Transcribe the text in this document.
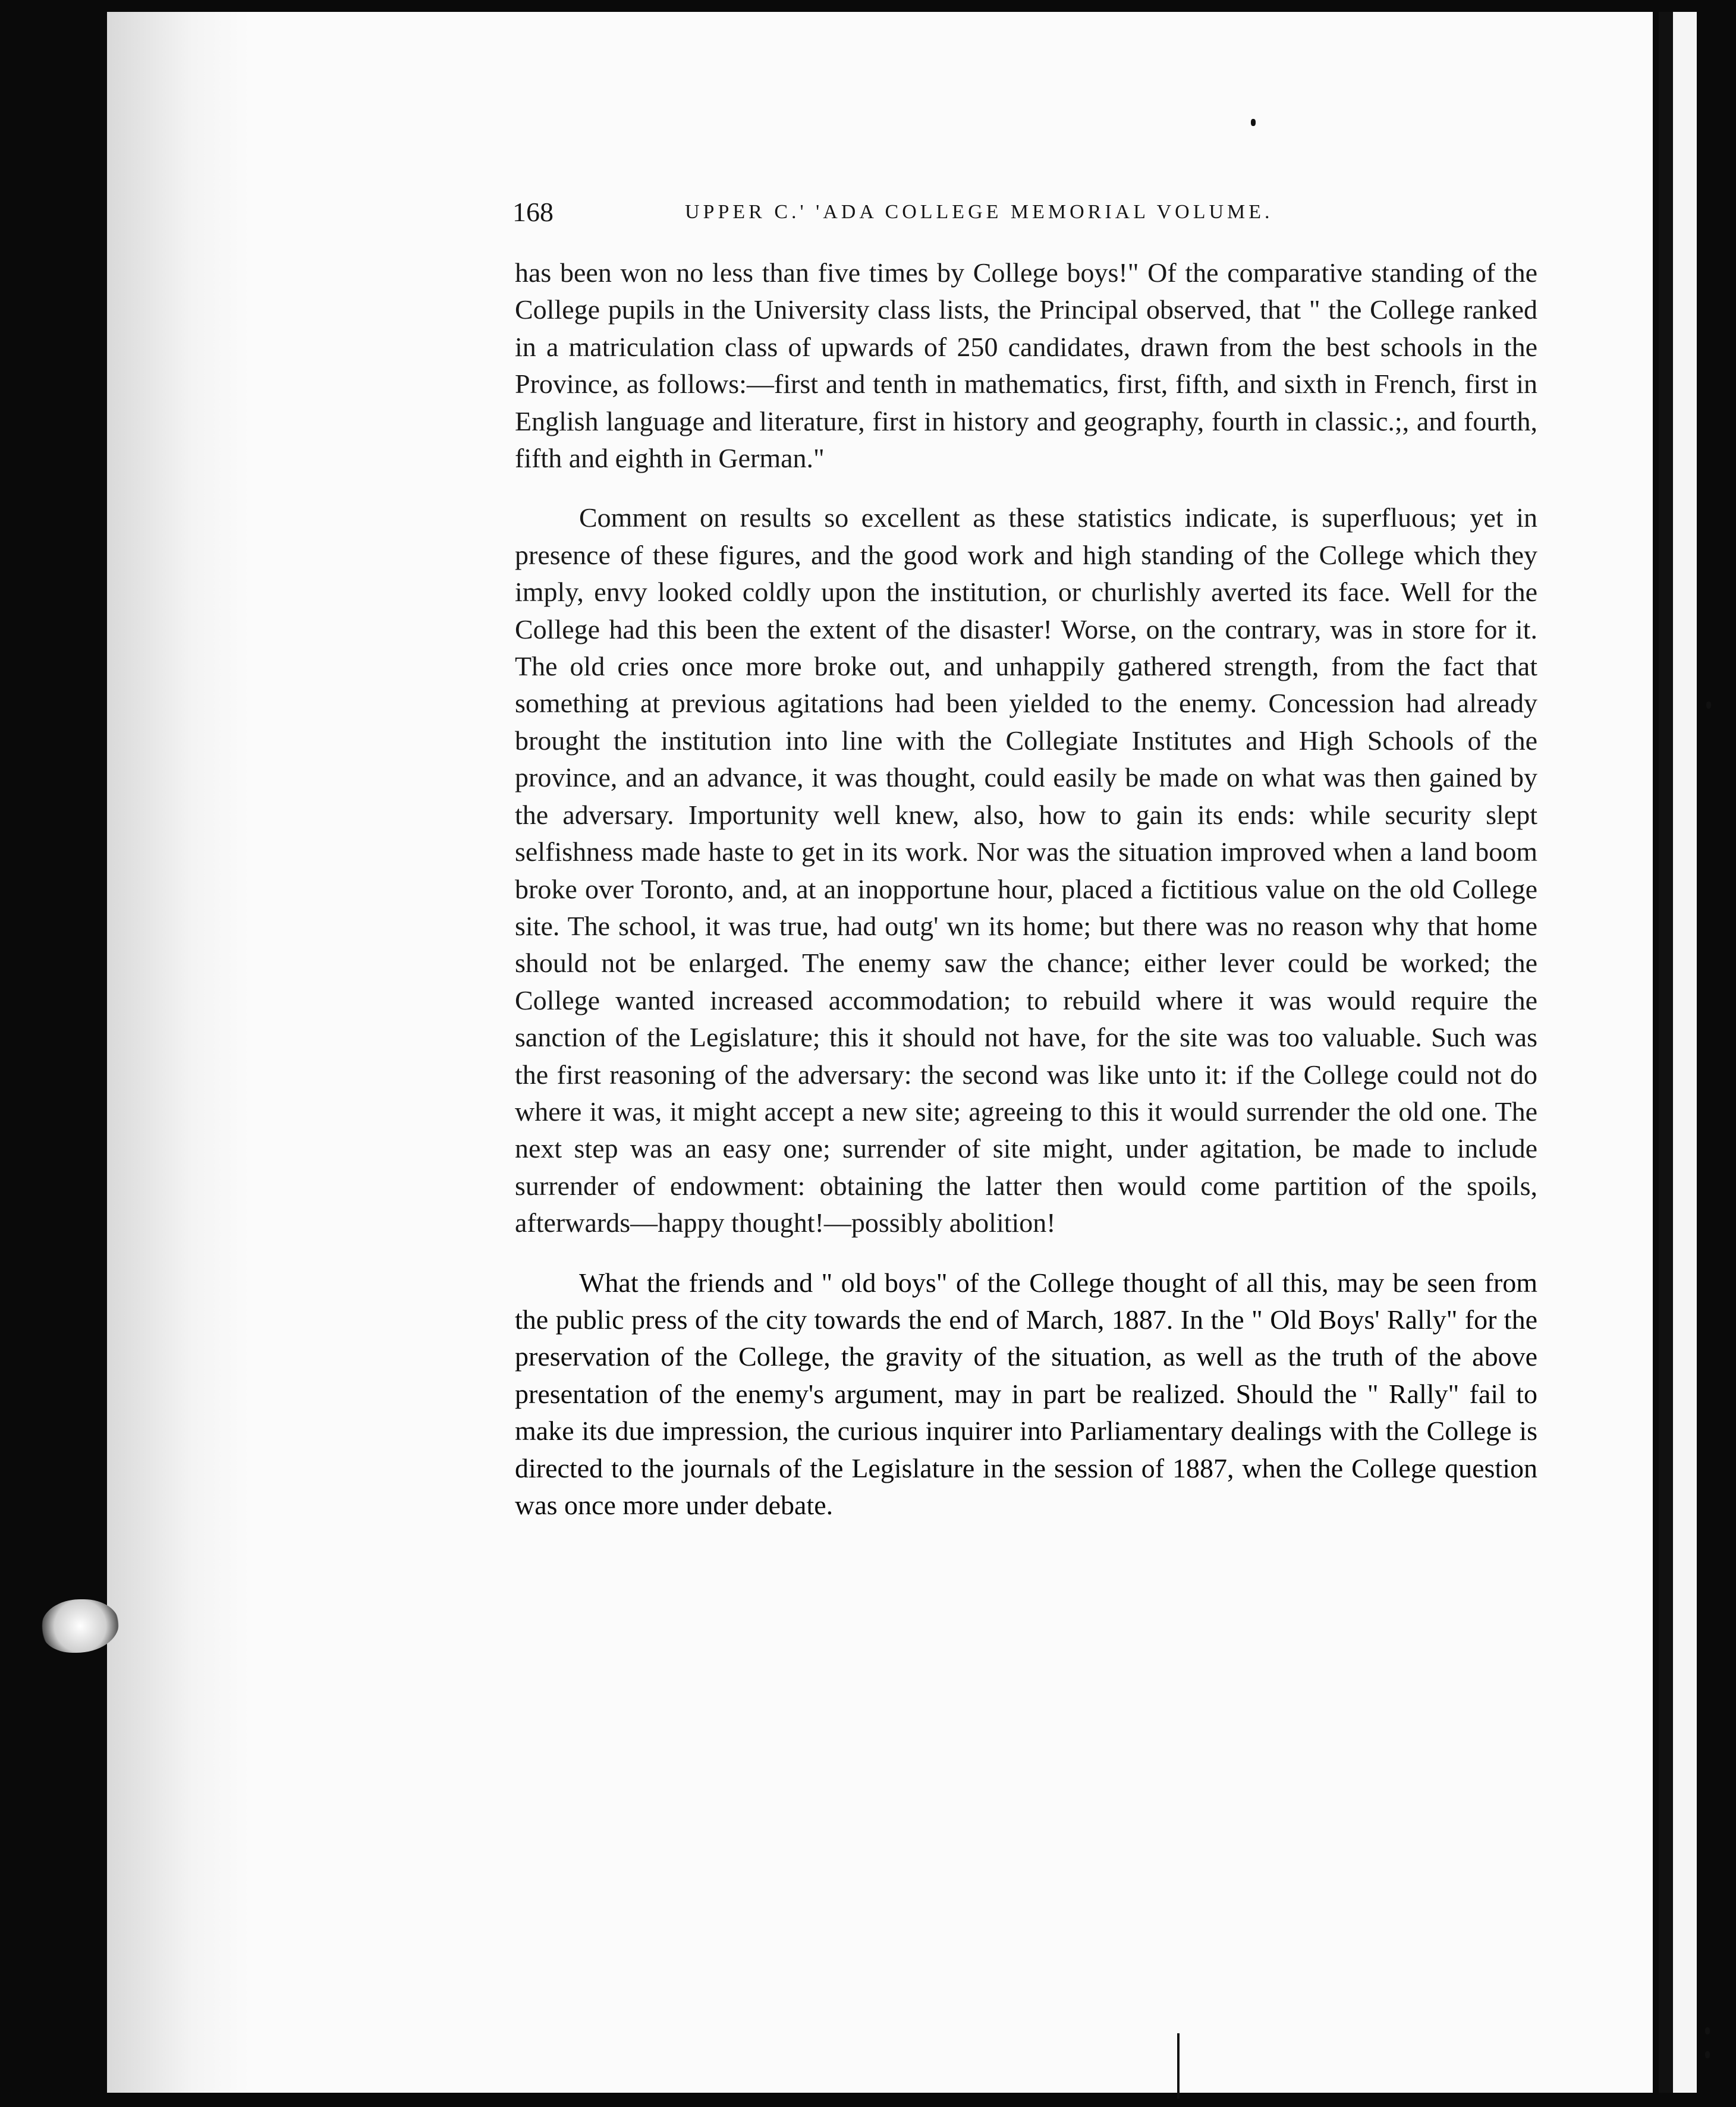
168	UPPER C.' 'ADA COLLEGE MEMORIAL VOLUME.

has been won no less than five times by College boys!" Of the comparative standing of the College pupils in the University class lists, the Principal observed, that " the College ranked in a matriculation class of upwards of 250 candidates, drawn from the best schools in the Province, as follows:—first and tenth in mathematics, first, fifth, and sixth in French, first in English language and literature, first in history and geography, fourth in classic.;, and fourth, fifth and eighth in German."

Comment on results so excellent as these statistics indicate, is superfluous; yet in presence of these figures, and the good work and high standing of the College which they imply, envy looked coldly upon the institution, or churlishly averted its face. Well for the College had this been the extent of the disaster! Worse, on the contrary, was in store for it. The old cries once more broke out, and unhappily gathered strength, from the fact that something at previous agitations had been yielded to the enemy. Concession had already brought the institution into line with the Collegiate Institutes and High Schools of the province, and an advance, it was thought, could easily be made on what was then gained by the adversary. Importunity well knew, also, how to gain its ends: while security slept selfishness made haste to get in its work. Nor was the situation improved when a land boom broke over Toronto, and, at an inopportune hour, placed a fictitious value on the old College site. The school, it was true, had outg' wn its home; but there was no reason why that home should not be enlarged. The enemy saw the chance; either lever could be worked; the College wanted increased accommodation; to rebuild where it was would require the sanction of the Legislature; this it should not have, for the site was too valuable. Such was the first reasoning of the adversary: the second was like unto it: if the College could not do where it was, it might accept a new site; agreeing to this it would surrender the old one. The next step was an easy one; surrender of site might, under agitation, be made to include surrender of endowment: obtaining the latter then would come partition of the spoils, afterwards—happy thought!—possibly abolition!

What the friends and " old boys" of the College thought of all this, may be seen from the public press of the city towards the end of March, 1887. In the " Old Boys' Rally" for the preservation of the College, the gravity of the situation, as well as the truth of the above presentation of the enemy's argument, may in part be realized. Should the " Rally" fail to make its due impression, the curious inquirer into Parliamentary dealings with the College is directed to the journals of the Legislature in the session of 1887, when the College question was once more under debate.
